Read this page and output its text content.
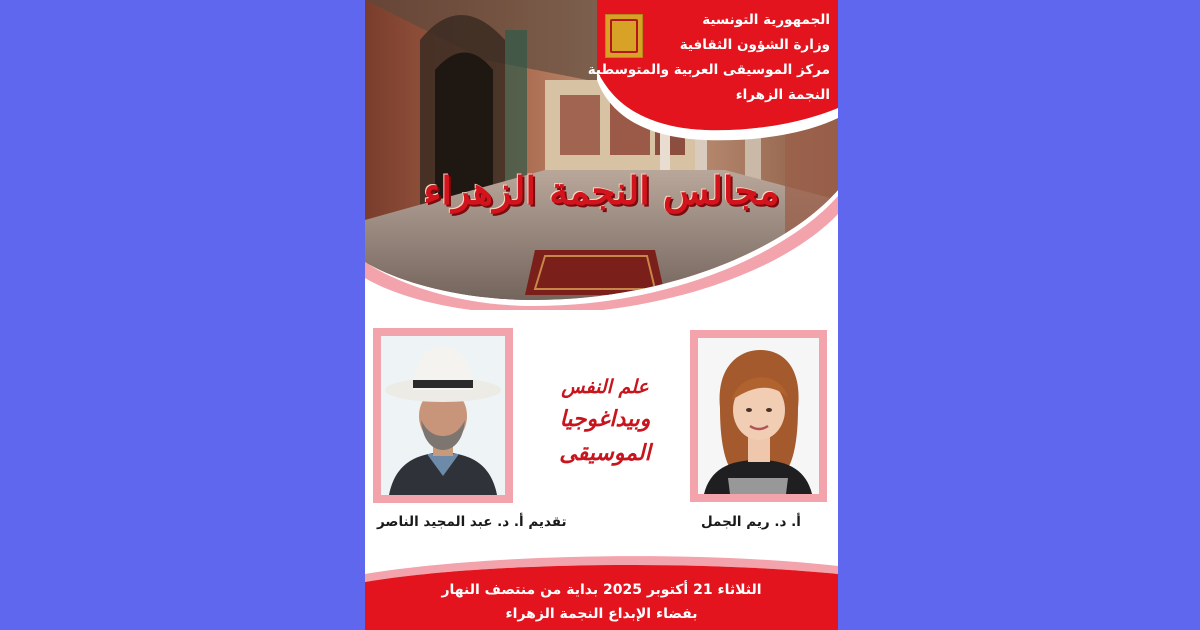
الجمهورية التونسية
وزارة الشؤون الثقافية
مركز الموسيقى العربية والمتوسطية
النجمة الزهراء
مجالس النجمة الزهراء
علم النفس
وبيداغوجيا الموسيقى
تقديم أ. د. عبد المجيد الناصر	أ. د. ريم الجمل
الثلاثاء 21 أكتوبر 2025 بداية من منتصف النهار
بفضاء الإبداع النجمة الزهراء
